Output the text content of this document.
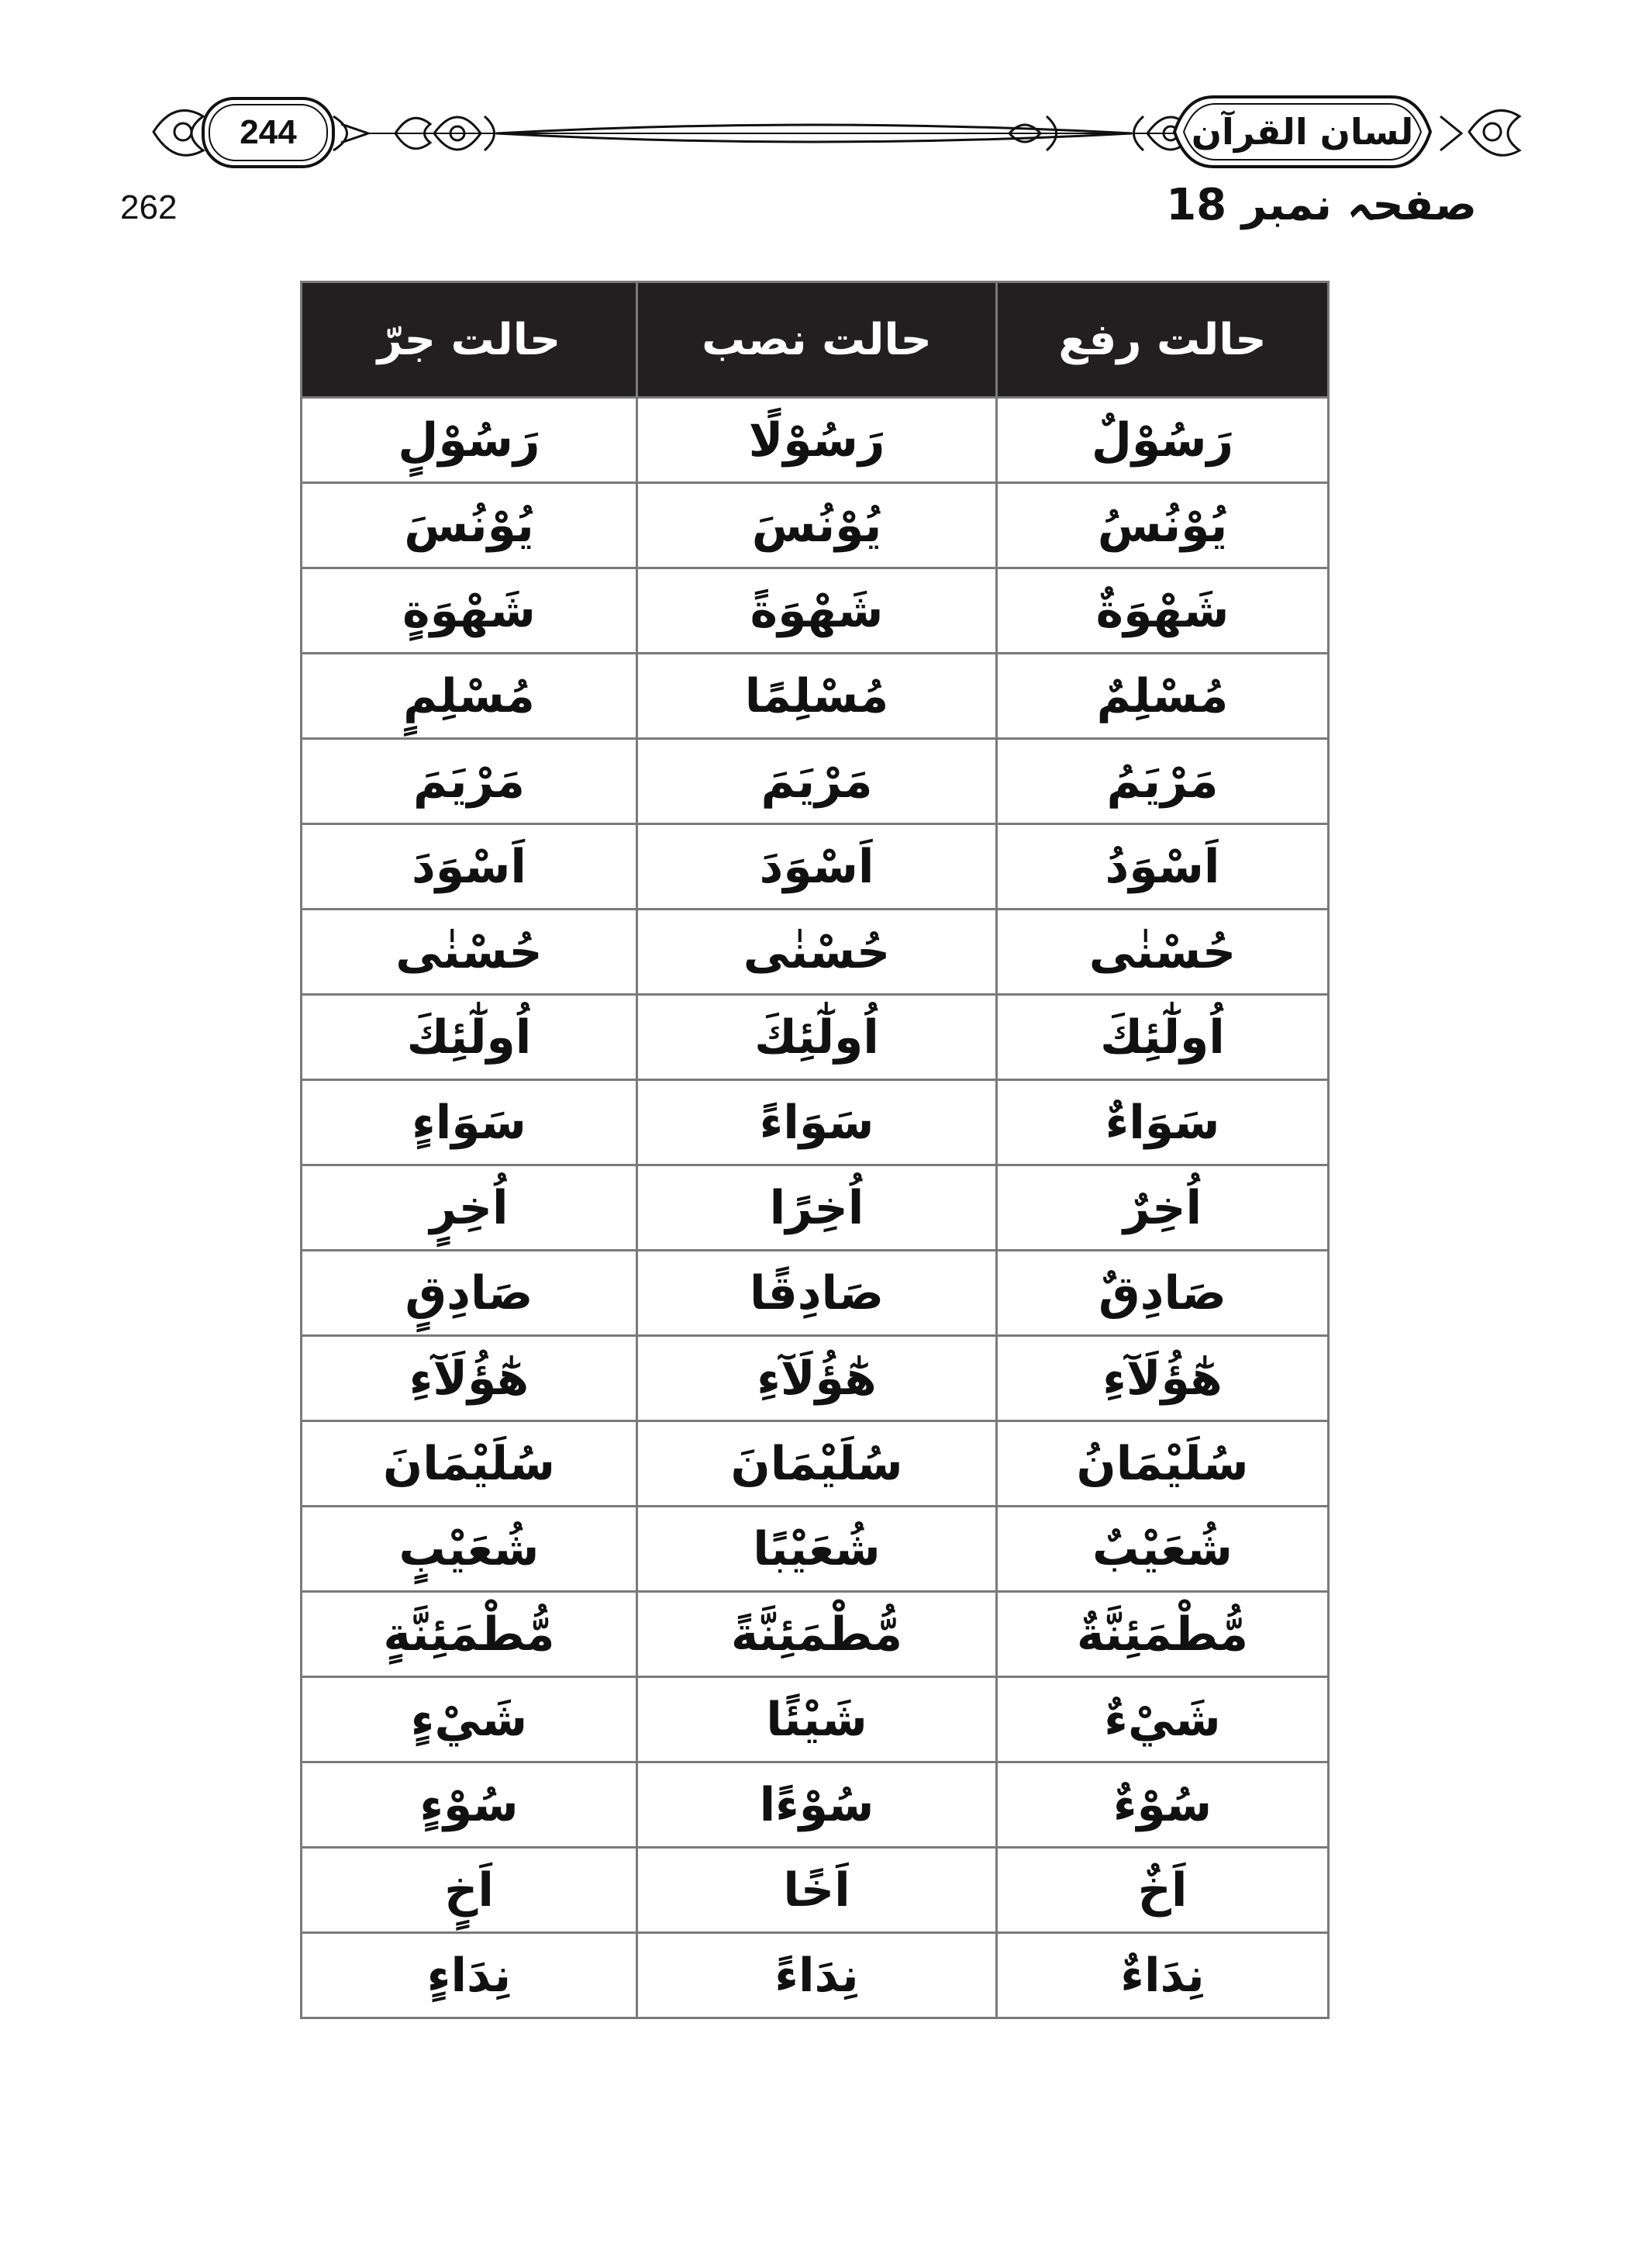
244	لسان القرآن
262	صفحہ نمبر 18
حالت رفع	حالت نصب	حالت جرّ
رَسُوْلٌ	رَسُوْلًا	رَسُوْلٍ
يُوْنُسُ	يُوْنُسَ	يُوْنُسَ
شَهْوَةٌ	شَهْوَةً	شَهْوَةٍ
مُسْلِمٌ	مُسْلِمًا	مُسْلِمٍ
مَرْيَمُ	مَرْيَمَ	مَرْيَمَ
اَسْوَدُ	اَسْوَدَ	اَسْوَدَ
حُسْنٰى	حُسْنٰى	حُسْنٰى
اُولٰٓئِكَ	اُولٰٓئِكَ	اُولٰٓئِكَ
سَوَاءٌ	سَوَاءً	سَوَاءٍ
اُخِرٌ	اُخِرًا	اُخِرٍ
صَادِقٌ	صَادِقًا	صَادِقٍ
هٰٓؤُلَآءِ	هٰٓؤُلَآءِ	هٰٓؤُلَآءِ
سُلَيْمَانُ	سُلَيْمَانَ	سُلَيْمَانَ
شُعَيْبٌ	شُعَيْبًا	شُعَيْبٍ
مُّطْمَئِنَّةٌ	مُّطْمَئِنَّةً	مُّطْمَئِنَّةٍ
شَيْءٌ	شَيْئًا	شَيْءٍ
سُوْءٌ	سُوْءًا	سُوْءٍ
اَخٌ	اَخًا	اَخٍ
نِدَاءٌ	نِدَاءً	نِدَاءٍ
